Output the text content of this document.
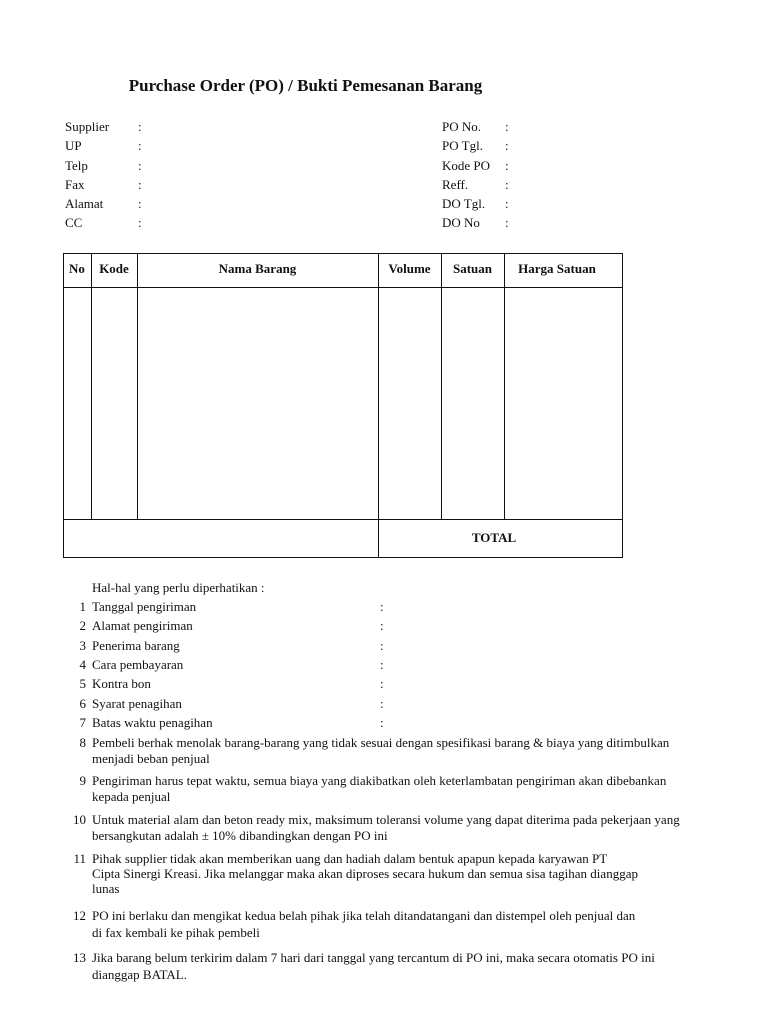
Purchase Order (PO) / Bukti Pemesanan Barang
Supplier :
UP	:
Telp	:
Fax	:
Alamat	:
CC	:
PO No. :
PO Tgl. :
Kode PO :
Reff.	:
DO Tgl. :
DO No :
No	Kode	Nama Barang	Volume	Satuan	Harga Satuan
TOTAL
Hal-hal yang perlu diperhatikan :
1 Tanggal pengiriman	:
2 Alamat pengiriman	:
3 Penerima barang	:
4 Cara pembayaran	:
5 Kontra bon	:
6 Syarat penagihan	:
7 Batas waktu penagihan	:
8 Pembeli berhak menolak barang-barang yang tidak sesuai dengan spesifikasi barang & biaya yang ditimbulkan
menjadi beban penjual
9 Pengiriman harus tepat waktu, semua biaya yang diakibatkan oleh keterlambatan pengiriman akan dibebankan
kepada penjual
10 Untuk material alam dan beton ready mix, maksimum toleransi volume yang dapat diterima pada pekerjaan yang
bersangkutan adalah ± 10% dibandingkan dengan PO ini
11 Pihak supplier tidak akan memberikan uang dan hadiah dalam bentuk apapun kepada karyawan PT
Cipta Sinergi Kreasi. Jika melanggar maka akan diproses secara hukum dan semua sisa tagihan dianggap
lunas
12 PO ini berlaku dan mengikat kedua belah pihak jika telah ditandatangani dan distempel oleh penjual dan
di fax kembali ke pihak pembeli
13 Jika barang belum terkirim dalam 7 hari dari tanggal yang tercantum di PO ini, maka secara otomatis PO ini
dianggap BATAL.
